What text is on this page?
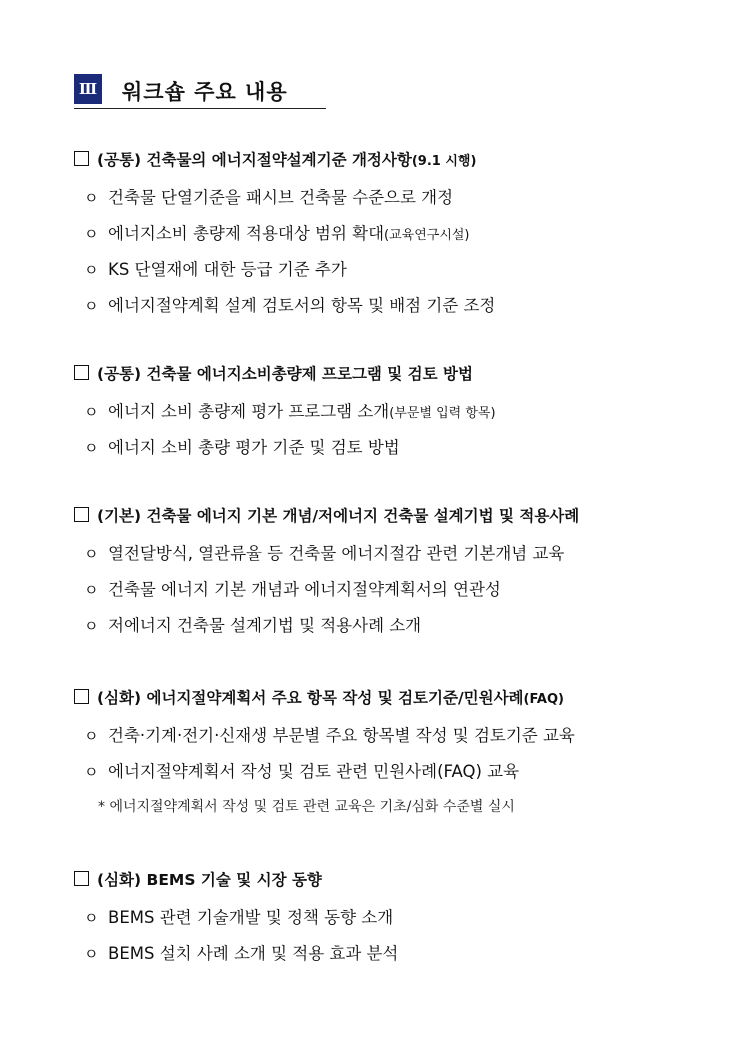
Ⅲ 워크숍 주요 내용
(공통) 건축물의 에너지절약설계기준 개정사항(9.1 시행)
ㅇ 건축물 단열기준을 패시브 건축물 수준으로 개정
ㅇ 에너지소비 총량제 적용대상 범위 확대(교육연구시설)
ㅇ KS 단열재에 대한 등급 기준 추가
ㅇ 에너지절약계획 설계 검토서의 항목 및 배점 기준 조정
(공통) 건축물 에너지소비총량제 프로그램 및 검토 방법
ㅇ 에너지 소비 총량제 평가 프로그램 소개(부문별 입력 항목)
ㅇ 에너지 소비 총량 평가 기준 및 검토 방법
(기본) 건축물 에너지 기본 개념/저에너지 건축물 설계기법 및 적용사례
ㅇ 열전달방식, 열관류율 등 건축물 에너지절감 관련 기본개념 교육
ㅇ 건축물 에너지 기본 개념과 에너지절약계획서의 연관성
ㅇ 저에너지 건축물 설계기법 및 적용사례 소개
(심화) 에너지절약계획서 주요 항목 작성 및 검토기준/민원사례(FAQ)
ㅇ 건축·기계·전기·신재생 부문별 주요 항목별 작성 및 검토기준 교육
ㅇ 에너지절약계획서 작성 및 검토 관련 민원사례(FAQ) 교육
* 에너지절약계획서 작성 및 검토 관련 교육은 기초/심화 수준별 실시
(심화) BEMS 기술 및 시장 동향
ㅇ BEMS 관련 기술개발 및 정책 동향 소개
ㅇ BEMS 설치 사례 소개 및 적용 효과 분석
